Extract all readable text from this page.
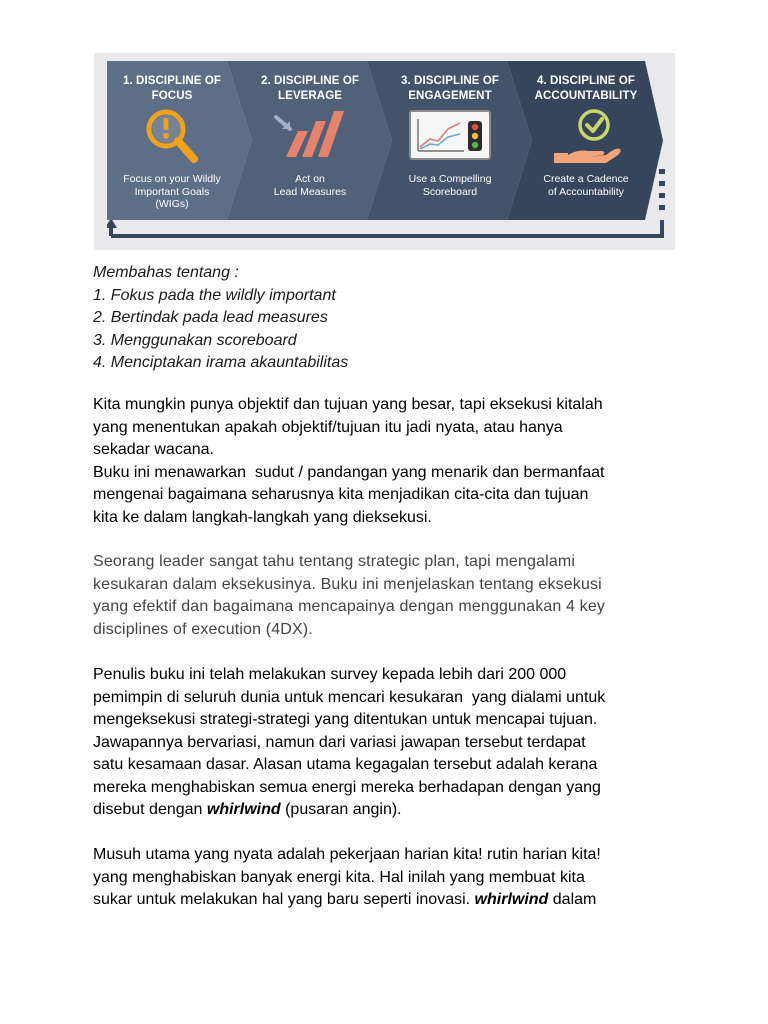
1. DISCIPLINE OF
FOCUS
Focus on your Wildly
Important Goals
(WIGs)
2. DISCIPLINE OF
LEVERAGE
Act on
Lead Measures
3. DISCIPLINE OF
ENGAGEMENT
Use a Compelling
Scoreboard
4. DISCIPLINE OF
ACCOUNTABILITY
Create a Cadence
of Accountability
Membahas tentang :
1. Fokus pada the wildly important
2. Bertindak pada lead measures
3. Menggunakan scoreboard
4. Menciptakan irama akauntabilitas
Kita mungkin punya objektif dan tujuan yang besar, tapi eksekusi kitalah
yang menentukan apakah objektif/tujuan itu jadi nyata, atau hanya
sekadar wacana.
Buku ini menawarkan  sudut / pandangan yang menarik dan bermanfaat
mengenai bagaimana seharusnya kita menjadikan cita-cita dan tujuan
kita ke dalam langkah-langkah yang dieksekusi.
Seorang leader sangat tahu tentang strategic plan, tapi mengalami
kesukaran dalam eksekusinya. Buku ini menjelaskan tentang eksekusi
yang efektif dan bagaimana mencapainya dengan menggunakan 4 key
disciplines of execution (4DX).
Penulis buku ini telah melakukan survey kepada lebih dari 200 000
pemimpin di seluruh dunia untuk mencari kesukaran  yang dialami untuk
mengeksekusi strategi-strategi yang ditentukan untuk mencapai tujuan.
Jawapannya bervariasi, namun dari variasi jawapan tersebut terdapat
satu kesamaan dasar. Alasan utama kegagalan tersebut adalah kerana
mereka menghabiskan semua energi mereka berhadapan dengan yang
disebut dengan whirlwind (pusaran angin).
Musuh utama yang nyata adalah pekerjaan harian kita! rutin harian kita!
yang menghabiskan banyak energi kita. Hal inilah yang membuat kita
sukar untuk melakukan hal yang baru seperti inovasi. whirlwind dalam
